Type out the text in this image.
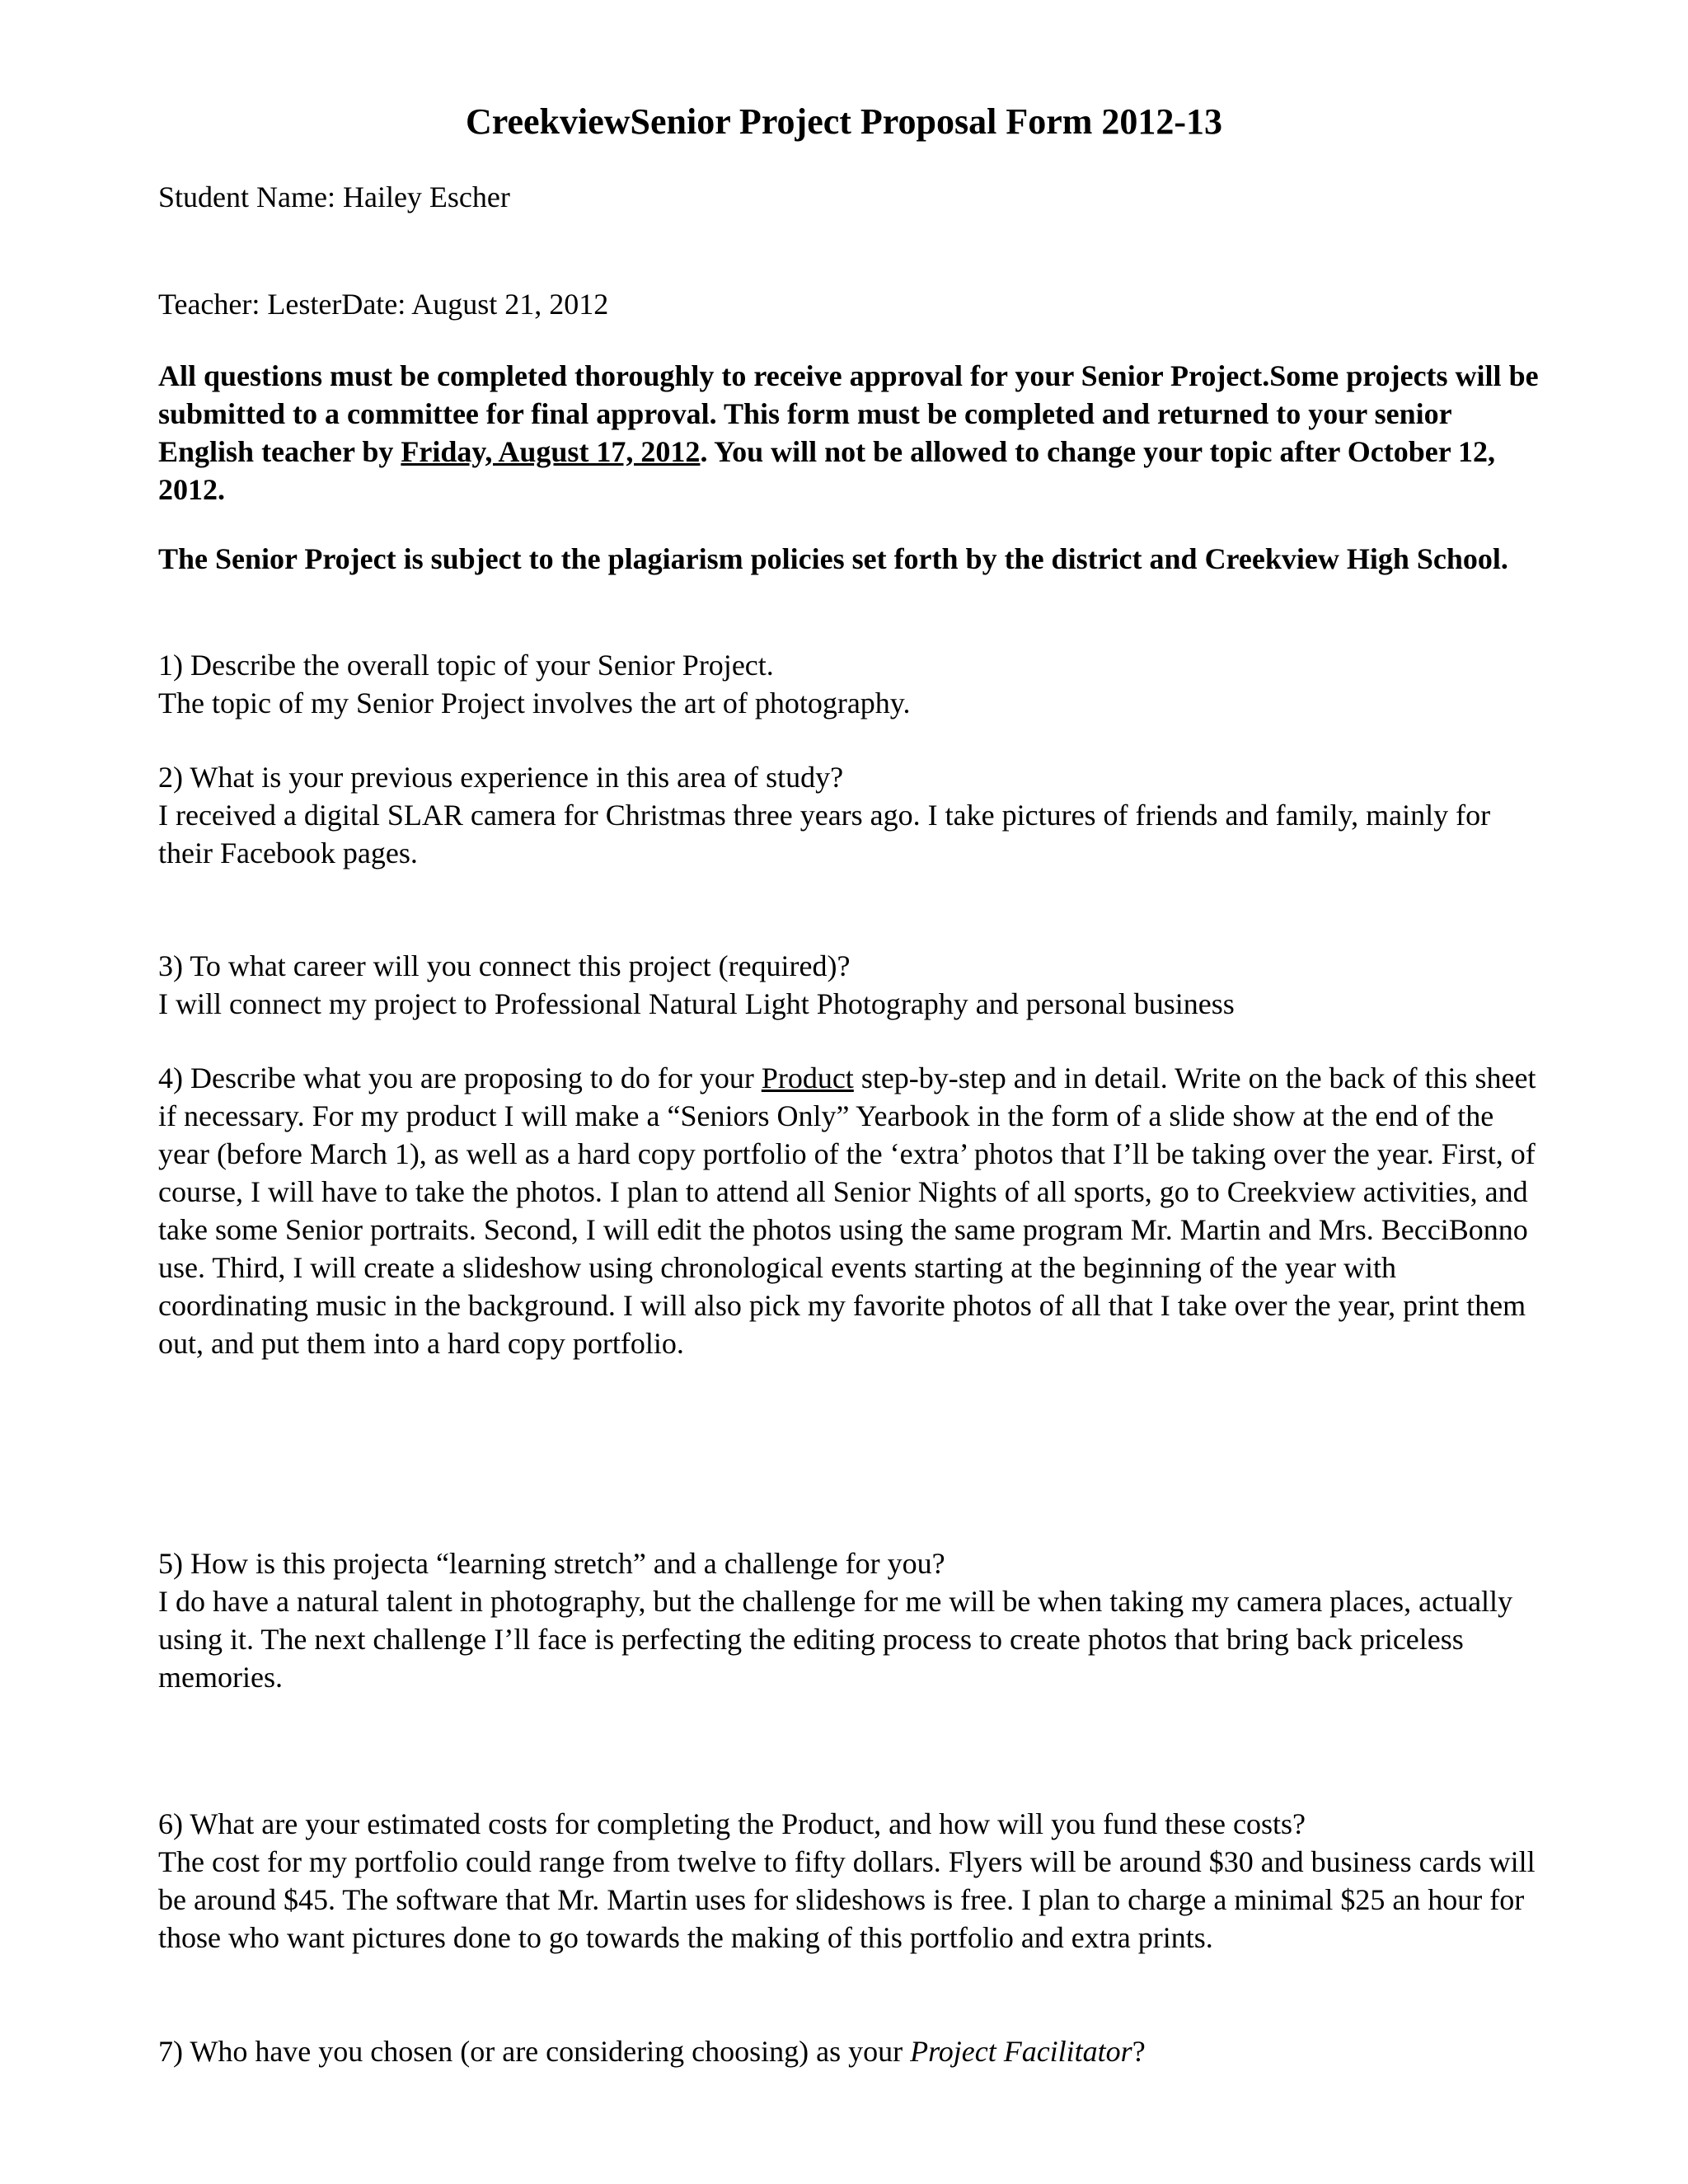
CreekviewSenior Project Proposal Form 2012-13
Student Name: Hailey Escher
Teacher: LesterDate: August 21, 2012
All questions must be completed thoroughly to receive approval for your Senior Project.Some projects will be submitted to a committee for final approval. This form must be completed and returned to your senior English teacher by Friday, August 17, 2012. You will not be allowed to change your topic after October 12, 2012.
The Senior Project is subject to the plagiarism policies set forth by the district and Creekview High School.

1) Describe the overall topic of your Senior Project.

The topic of my Senior Project involves the art of photography.

2) What is your previous experience in this area of study?

I received a digital SLAR camera for Christmas three years ago. I take pictures of friends and family, mainly for their Facebook pages.

3) To what career will you connect this project (required)?

I will connect my project to Professional Natural Light Photography and personal business

4) Describe what you are proposing to do for your Product step-by-step and in detail. Write on the back of this sheet if necessary. For my product I will make a “Seniors Only” Yearbook in the form of a slide show at the end of the year (before March 1), as well as a hard copy portfolio of the ‘extra’ photos that I’ll be taking over the year. First, of course, I will have to take the photos. I plan to attend all Senior Nights of all sports, go to Creekview activities, and take some Senior portraits. Second, I will edit the photos using the same program Mr. Martin and Mrs. BecciBonno use. Third, I will create a slideshow using chronological events starting at the beginning of the year with coordinating music in the background. I will also pick my favorite photos of all that I take over the year, print them out, and put them into a hard copy portfolio.

5) How is this projecta “learning stretch” and a challenge for you?

I do have a natural talent in photography, but the challenge for me will be when taking my camera places, actually using it. The next challenge I’ll face is perfecting the editing process to create photos that bring back priceless memories.

6) What are your estimated costs for completing the Product, and how will you fund these costs?

The cost for my portfolio could range from twelve to fifty dollars. Flyers will be around $30 and business cards will be around $45. The software that Mr. Martin uses for slideshows is free. I plan to charge a minimal $25 an hour for those who want pictures done to go towards the making of this portfolio and extra prints.

7) Who have you chosen (or are considering choosing) as your Project Facilitator?
